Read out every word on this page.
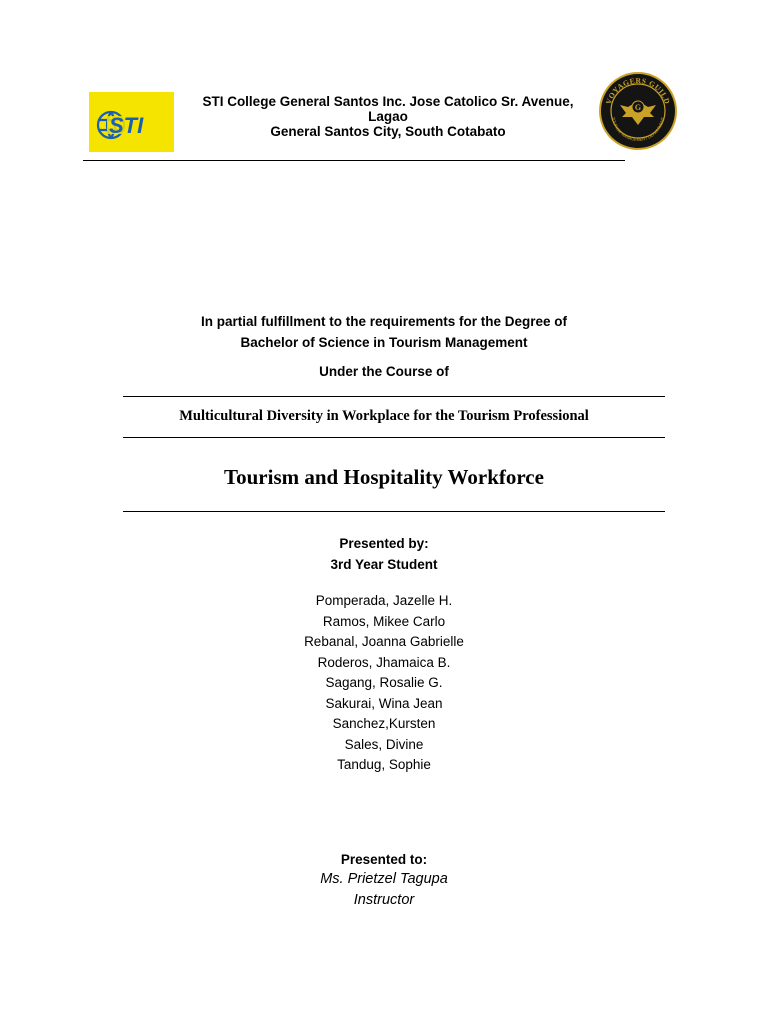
STI
STI College General Santos Inc. Jose Catolico Sr. Avenue, Lagao
General Santos City, South Cotabato
VOYAGERS GUILD
TOURISM MANAGEMENT DEPARTMENT
G
In partial fulfillment to the requirements for the Degree of
Bachelor of Science in Tourism Management
Under the Course of
Multicultural Diversity in Workplace for the Tourism Professional
Tourism and Hospitality Workforce
Presented by:
3rd Year Student
Pomperada, Jazelle H.
Ramos, Mikee Carlo
Rebanal, Joanna Gabrielle
Roderos, Jhamaica B.
Sagang, Rosalie G.
Sakurai, Wina Jean
Sanchez,Kursten
Sales, Divine
Tandug, Sophie
Presented to:
Ms. Prietzel Tagupa
Instructor
